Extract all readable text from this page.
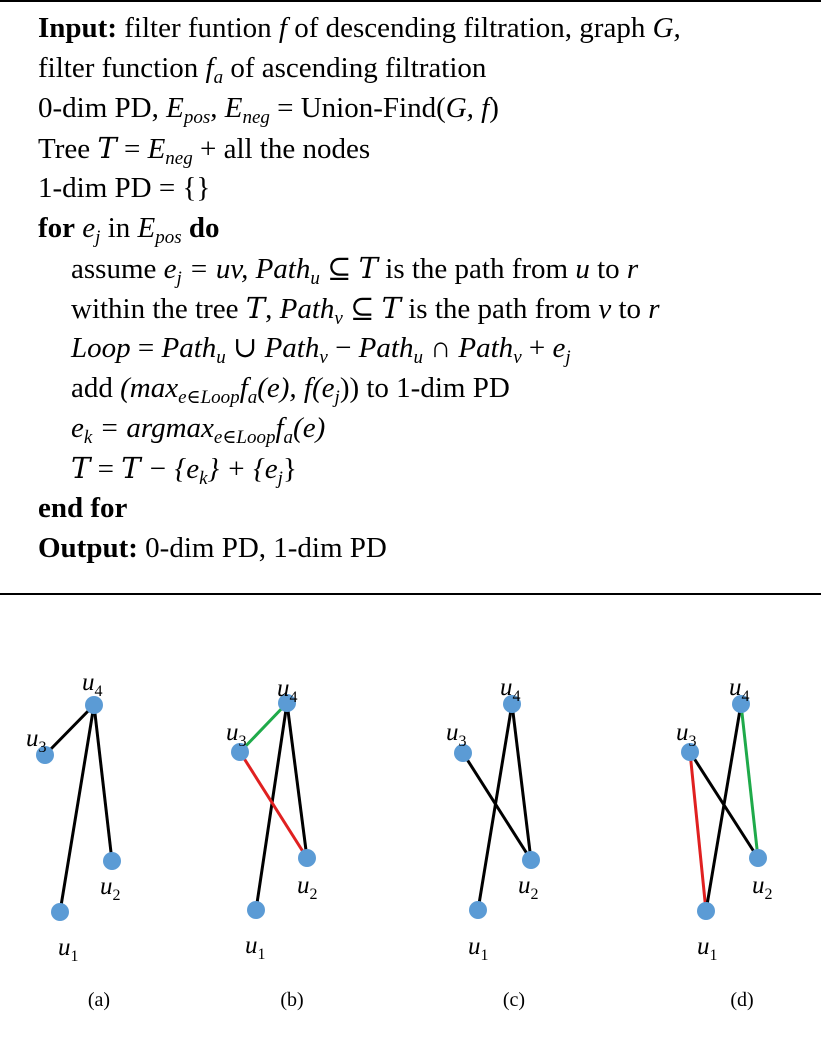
Input: filter funtion f of descending filtration, graph G,
filter function $f_a$ of ascending filtration
0-dim PD, $E_{pos}$, $E_{neg}$ = Union-Find(G, f)
Tree $T = E_{neg}$ + all the nodes
1-dim PD = {}
for $e_j$ in $E_{pos}$ do
assume $e_j$ = uv, Path$_u$ ⊆ T is the path from u to r
within the tree T, Path$_v$ ⊆ T is the path from v to r
Loop = Path$_u$ ∪ Path$_v$ − Path$_u$ ∩ Path$_v$ + $e_j$
add ($\max_{e\in Loop}f_a(e)$, $f(e_j)$) to 1-dim PD
$e_k = argmax_{e\in Loop}f_a(e)$
$T = T - \{e_k\} + \{e_j\}$
end for
Output: 0-dim PD, 1-dim PD
$u_1$
$u_2$
$u_3$
$u_4$
(a)
$u_1$
$u_2$
$u_3$
$u_4$
(b)
$u_1$
$u_2$
$u_3$
$u_4$
(c)
$u_1$
$u_2$
$u_3$
$u_4$
(d)
